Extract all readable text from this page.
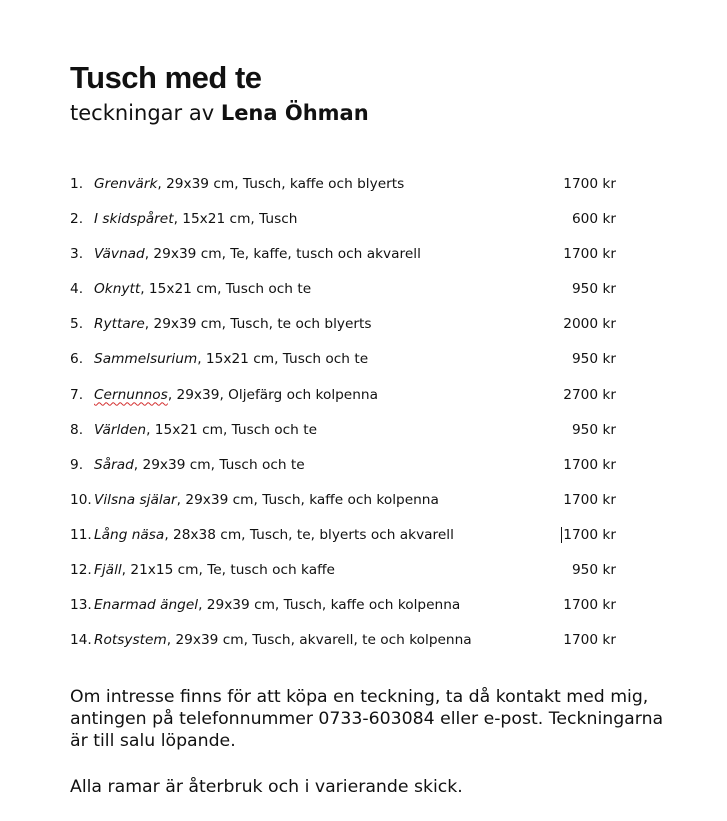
Tusch med te

teckningar av Lena Öhman

1. Grenvärk, 29x39 cm, Tusch, kaffe och blyerts	1700 kr
2. I skidspåret, 15x21 cm, Tusch	600 kr
3. Vävnad, 29x39 cm, Te, kaffe, tusch och akvarell	1700 kr
4. Oknytt, 15x21 cm, Tusch och te	950 kr
5. Ryttare, 29x39 cm, Tusch, te och blyerts	2000 kr
6. Sammelsurium, 15x21 cm, Tusch och te	950 kr
7. Cernunnos, 29x39, Oljefärg och kolpenna	2700 kr
8. Världen, 15x21 cm, Tusch och te	950 kr
9. Sårad, 29x39 cm, Tusch och te	1700 kr
10. Vilsna själar, 29x39 cm, Tusch, kaffe och kolpenna	1700 kr
11. Lång näsa, 28x38 cm, Tusch, te, blyerts och akvarell	1700 kr
12. Fjäll, 21x15 cm, Te, tusch och kaffe	950 kr
13. Enarmad ängel, 29x39 cm, Tusch, kaffe och kolpenna	1700 kr
14. Rotsystem, 29x39 cm, Tusch, akvarell, te och kolpenna	1700 kr

Om intresse finns för att köpa en teckning, ta då kontakt med mig, antingen på telefonnummer 0733-603084 eller e-post. Teckningarna är till salu löpande.

Alla ramar är återbruk och i varierande skick.
